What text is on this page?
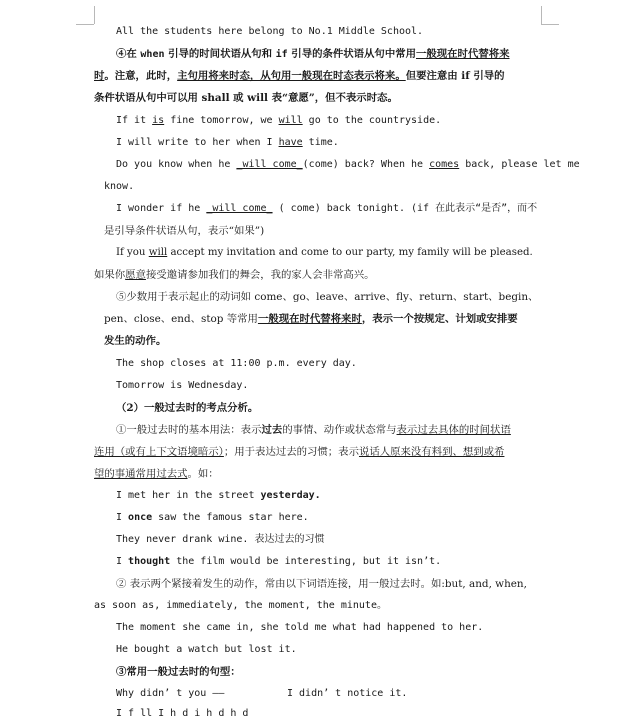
All the students here belong to No.1 Middle School.
④在 when 引导的时间状语从句和 if 引导的条件状语从句中常用一般现在时代替将来
时。注意，此时，主句用将来时态，从句用一般现在时态表示将来。但要注意由 if 引导的
条件状语从句中可以用 shall 或 will 表“意愿”，但不表示时态。
If it is fine tomorrow, we will go to the countryside.
I will write to her when I have time.
Do you know when he _will come_(come) back? When he comes back, please let me
know.
I wonder if he _will come_ ( come) back tonight. (if 在此表示“是否”，而不
是引导条件状语从句，表示“如果”)
If you will accept my invitation and come to our party, my family will be pleased.
如果你愿意接受邀请参加我们的舞会，我的家人会非常高兴。
⑤少数用于表示起止的动词如 come、go、leave、arrive、fly、return、start、begin、
pen、close、end、stop 等常用一般现在时代替将来时，表示一个按规定、计划或安排要
发生的动作。
The shop closes at 11:00 p.m. every day.
Tomorrow is Wednesday.
（2）一般过去时的考点分析。
①一般过去时的基本用法：表示过去的事情、动作或状态常与表示过去具体的时间状语
连用（或有上下文语境暗示）；用于表达过去的习惯；表示说话人原来没有料到、想到或希
望的事通常用过去式。如：
I met her in the street yesterday.
I once saw the famous star here.
They never drank wine. 表达过去的习惯
I thought the film would be interesting, but it isn’t.
② 表示两个紧接着发生的动作，常由以下词语连接，用一般过去时。如:but, and, when,
as soon as, immediately, the moment, the minute。
The moment she came in, she told me what had happened to her.
He bought a watch but lost it.
③常用一般过去时的句型：
Why didn’ t you ——	I didn’ t notice it.
I f ll I h d i h d h d
